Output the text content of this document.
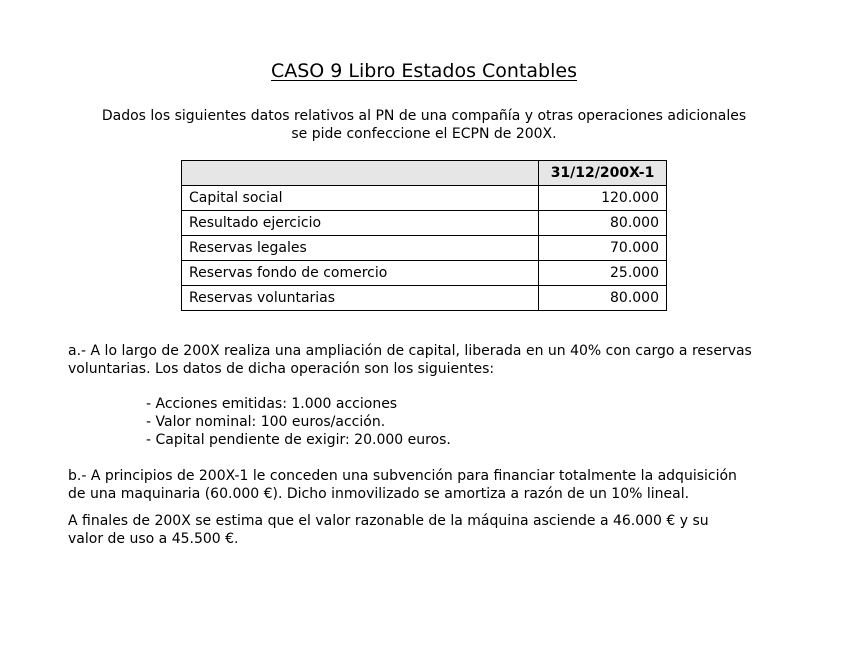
CASO 9 Libro Estados Contables
Dados los siguientes datos relativos al PN de una compañía y otras operaciones adicionales
se pide confeccione el ECPN de 200X.
	31/12/200X-1
Capital social	120.000
Resultado ejercicio	80.000
Reservas legales	70.000
Reservas fondo de comercio	25.000
Reservas voluntarias	80.000
a.- A lo largo de 200X realiza una ampliación de capital, liberada en un 40% con cargo a reservas
voluntarias. Los datos de dicha operación son los siguientes:
- Acciones emitidas: 1.000 acciones
- Valor nominal: 100 euros/acción.
- Capital pendiente de exigir: 20.000 euros.
b.- A principios de 200X-1 le conceden una subvención para financiar totalmente la adquisición
de una maquinaria (60.000 €). Dicho inmovilizado se amortiza a razón de un 10% lineal.
A finales de 200X se estima que el valor razonable de la máquina asciende a 46.000 € y su
valor de uso a 45.500 €.
